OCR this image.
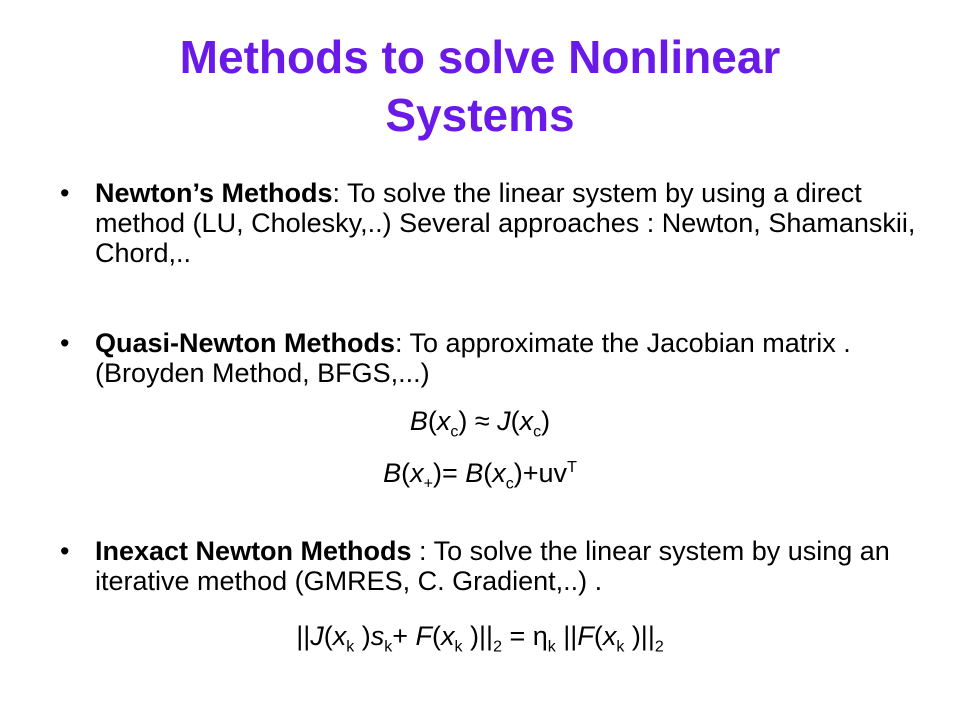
Methods to solve Nonlinear
Systems
• Newton’s Methods: To solve the linear system by using a direct method (LU, Cholesky,..) Several approaches : Newton, Shamanskii, Chord,..
• Quasi-Newton Methods: To approximate the Jacobian matrix . (Broyden Method, BFGS,...)
$B(x_c) \approx J(x_c)$
$B(x_+)= B(x_c)+uv^T$
• Inexact Newton Methods : To solve the linear system by using an iterative method (GMRES, C. Gradient,..) .
$||J(x_k$ )$s_k+ F(x_k$ )$||_2 = \eta_k$ $||F(x_k$ )$||_2$
